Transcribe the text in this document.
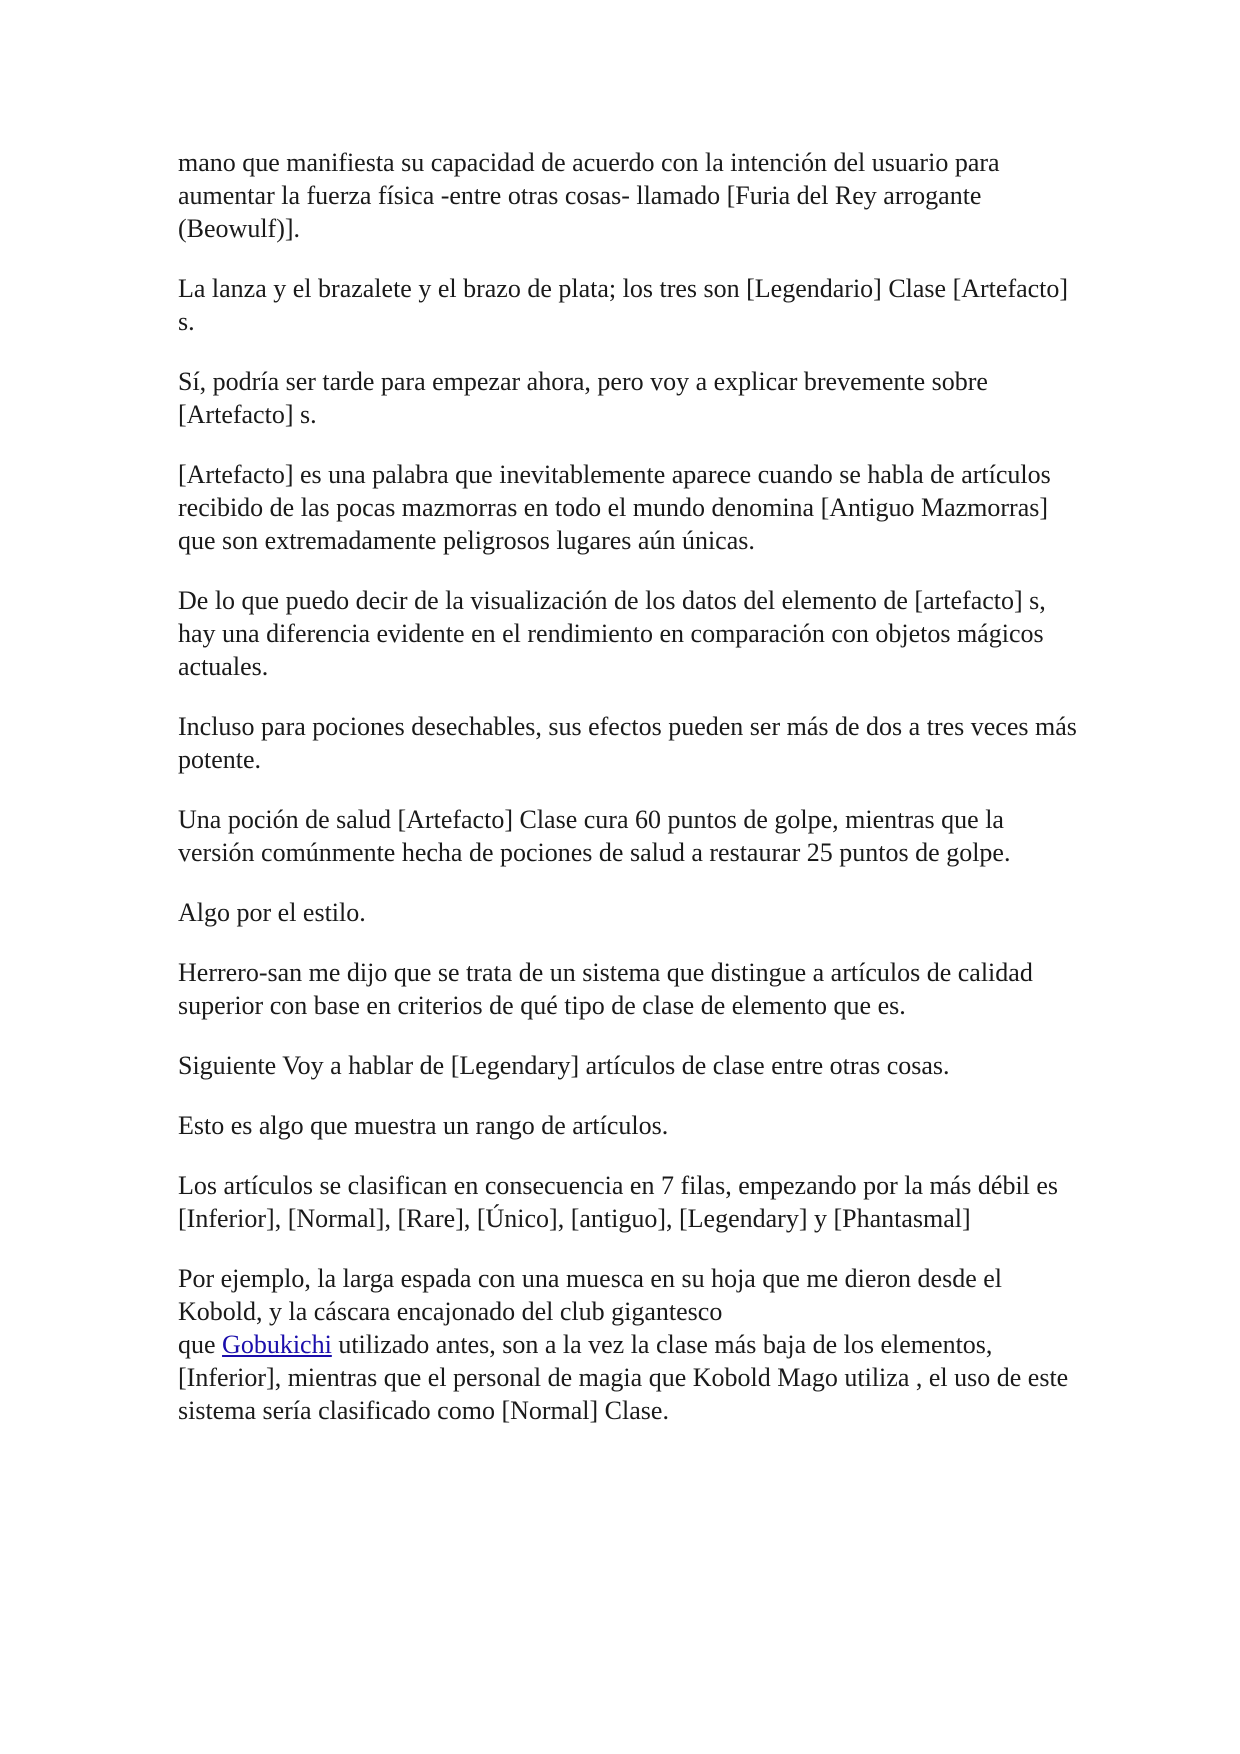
mano que manifiesta su capacidad de acuerdo con la intención del usuario para aumentar la fuerza física -entre otras cosas- llamado [Furia del Rey arrogante (Beowulf)].

La lanza y el brazalete y el brazo de plata; los tres son [Legendario] Clase [Artefacto] s.

Sí, podría ser tarde para empezar ahora, pero voy a explicar brevemente sobre [Artefacto] s.

[Artefacto] es una palabra que inevitablemente aparece cuando se habla de artículos recibido de las pocas mazmorras en todo el mundo denomina [Antiguo Mazmorras] que son extremadamente peligrosos lugares aún únicas.

De lo que puedo decir de la visualización de los datos del elemento de [artefacto] s, hay una diferencia evidente en el rendimiento en comparación con objetos mágicos actuales.

Incluso para pociones desechables, sus efectos pueden ser más de dos a tres veces más potente.

Una poción de salud [Artefacto] Clase cura 60 puntos de golpe, mientras que la versión comúnmente hecha de pociones de salud a restaurar 25 puntos de golpe.

Algo por el estilo.

Herrero-san me dijo que se trata de un sistema que distingue a artículos de calidad superior con base en criterios de qué tipo de clase de elemento que es.

Siguiente Voy a hablar de [Legendary] artículos de clase entre otras cosas.

Esto es algo que muestra un rango de artículos.

Los artículos se clasifican en consecuencia en 7 filas, empezando por la más débil es [Inferior], [Normal], [Rare], [Único], [antiguo], [Legendary] y [Phantasmal]

Por ejemplo, la larga espada con una muesca en su hoja que me dieron desde el Kobold, y la cáscara encajonado del club gigantesco
que Gobukichi utilizado antes, son a la vez la clase más baja de los elementos, [Inferior], mientras que el personal de magia que Kobold Mago utiliza , el uso de este sistema sería clasificado como [Normal] Clase.
